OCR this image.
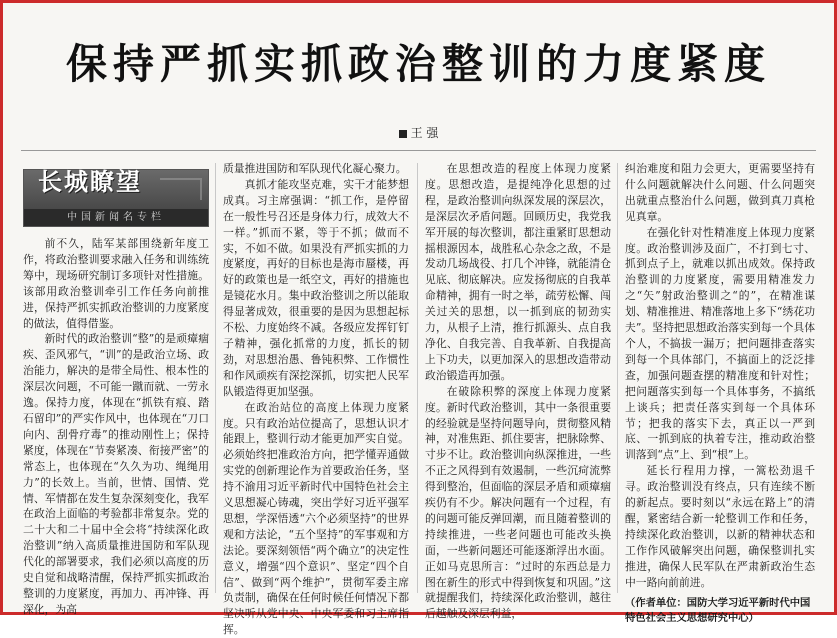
保持严抓实抓政治整训的力度紧度
王 强
长城瞭望
中国新闻名专栏

前不久，陆军某部围绕新年度工作，将政治整训要求融入任务和训练统筹中，现场研究制订多项针对性措施。该部用政治整训牵引工作任务向前推进，保持严抓实抓政治整训的力度紧度的做法，值得借鉴。

新时代的政治整训“整”的是顽瘴痼疾、歪风邪气，“训”的是政治立场、政治能力，解决的是带全局性、根本性的深层次问题，不可能一蹴而就、一劳永逸。保持力度，体现在“抓铁有痕、踏石留印”的严实作风中，也体现在“刀口向内、刮骨疗毒”的推动刚性上；保持紧度，体现在“节奏紧凑、衔接严密”的常态上，也体现在“久久为功、绳绳用力”的长效上。当前，世情、国情、党情、军情都在发生复杂深刻变化，我军在政治上面临的考验都非常复杂。党的二十大和二十届中全会将“持续深化政治整训”纳入高质量推进国防和军队现代化的部署要求，我们必须以高度的历史自觉和战略清醒，保持严抓实抓政治整训的力度紧度，再加力、再冲锋、再深化，为高

质量推进国防和军队现代化凝心聚力。

真抓才能攻坚克难，实干才能梦想成真。习主席强调：“抓工作，是停留在一般性号召还是身体力行，成效大不一样。”抓而不紧，等于不抓；做而不实，不如不做。如果没有严抓实抓的力度紧度，再好的目标也是海市蜃楼，再好的政策也是一纸空文，再好的措施也是镜花水月。集中政治整训之所以能取得显著成效，很重要的是因为思想起标不松、力度始终不减。各级应发挥钉钉子精神，强化抓常的力度，抓长的韧劲，对思想治愚、鲁钝积弊、工作惯性和作风顽疾有深挖深抓，切实把人民军队锻造得更加坚强。

在政治站位的高度上体现力度紧度。只有政治站位提高了，思想认识才能跟上，整训行动才能更加严实自觉。必须始终把准政治方向，把学懂弄通做实党的创新理论作为首要政治任务，坚持不渝用习近平新时代中国特色社会主义思想凝心铸魂，突出学好习近平强军思想，学深悟透“六个必须坚持”的世界观和方法论，“五个坚持”的军事观和方法论。要深刻领悟“两个确立”的决定性意义，增强“四个意识”、坚定“四个自信”、做到“两个维护”，贯彻军委主席负责制，确保在任何时候任何情况下都坚决听从党中央、中央军委和习主席指挥。

在思想改造的程度上体现力度紧度。思想改造，是提纯净化思想的过程，是政治整训向纵深发展的深层次，是深层次矛盾问题。回顾历史，我党我军开展的每次整训，都注重紧盯思想动摇根源因本，战胜私心杂念之敌，不是发动几场战役、打几个冲锋，就能清仓见底、彻底解决。应发扬彻底的自我革命精神，拥有一时之举，疏劳松懈、闯关过关的思想，以一抓到底的韧劲实力，从根子上清，推行抓源头、点自我净化、自我完善、自我革新、自我提高上下功夫，以更加深入的思想改造带动政治锻造再加强。

在破除积弊的深度上体现力度紧度。新时代政治整训，其中一条很重要的经验就是坚持问题导向，贯彻整风精神，对准焦距、抓住要害，把脉除弊、寸步不让。政治整训向纵深推进，一些不正之风得到有效遏制，一些沉疴流弊得到整治，但面临的深层矛盾和顽瘴痼疾仍有不少。解决问题有一个过程，有的问题可能反弹回潮，而且随着整训的持续推进，一些老问题也可能改头换面，一些新问题还可能逐渐浮出水面。正如马克思所言：“过时的东西总是力图在新生的形式中得到恢复和巩固。”这就提醒我们，持续深化政治整训，越往后越触及深层利益，

纠治难度和阻力会更大，更需要坚持有什么问题就解决什么问题、什么问题突出就重点整治什么问题，做到真刀真枪见真章。

在强化针对性精准度上体现力度紧度。政治整训涉及面广，不打到七寸、抓到点子上，就难以抓出成效。保持政治整训的力度紧度，需要用精准发力之“矢”射政治整训之“的”，在精准谋划、精准推进、精准落地上多下“绣花功夫”。坚持把思想政治落实到每一个具体个人，不搞拔一漏万；把问题排查落实到每一个具体部门，不搞面上的泛泛排查，加强问题查摆的精准度和针对性；把问题落实到每一个具体事务，不搞纸上谈兵；把责任落实到每一个具体环节；把我的落实下去，真正以一严到底、一抓到底的执着专注，推动政治整训落到“点”上、到“根”上。

延长行程用力撑，一篙松劲退千寻。政治整训没有终点，只有连续不断的新起点。要时刻以“永远在路上”的清醒，紧密结合新一轮整训工作和任务，持续深化政治整训，以新的精神状态和工作作风破解突出问题，确保整训扎实推进，确保人民军队在严肃新政治生态中一路向前前进。

（作者单位：国防大学习近平新时代中国特色社会主义思想研究中心）
